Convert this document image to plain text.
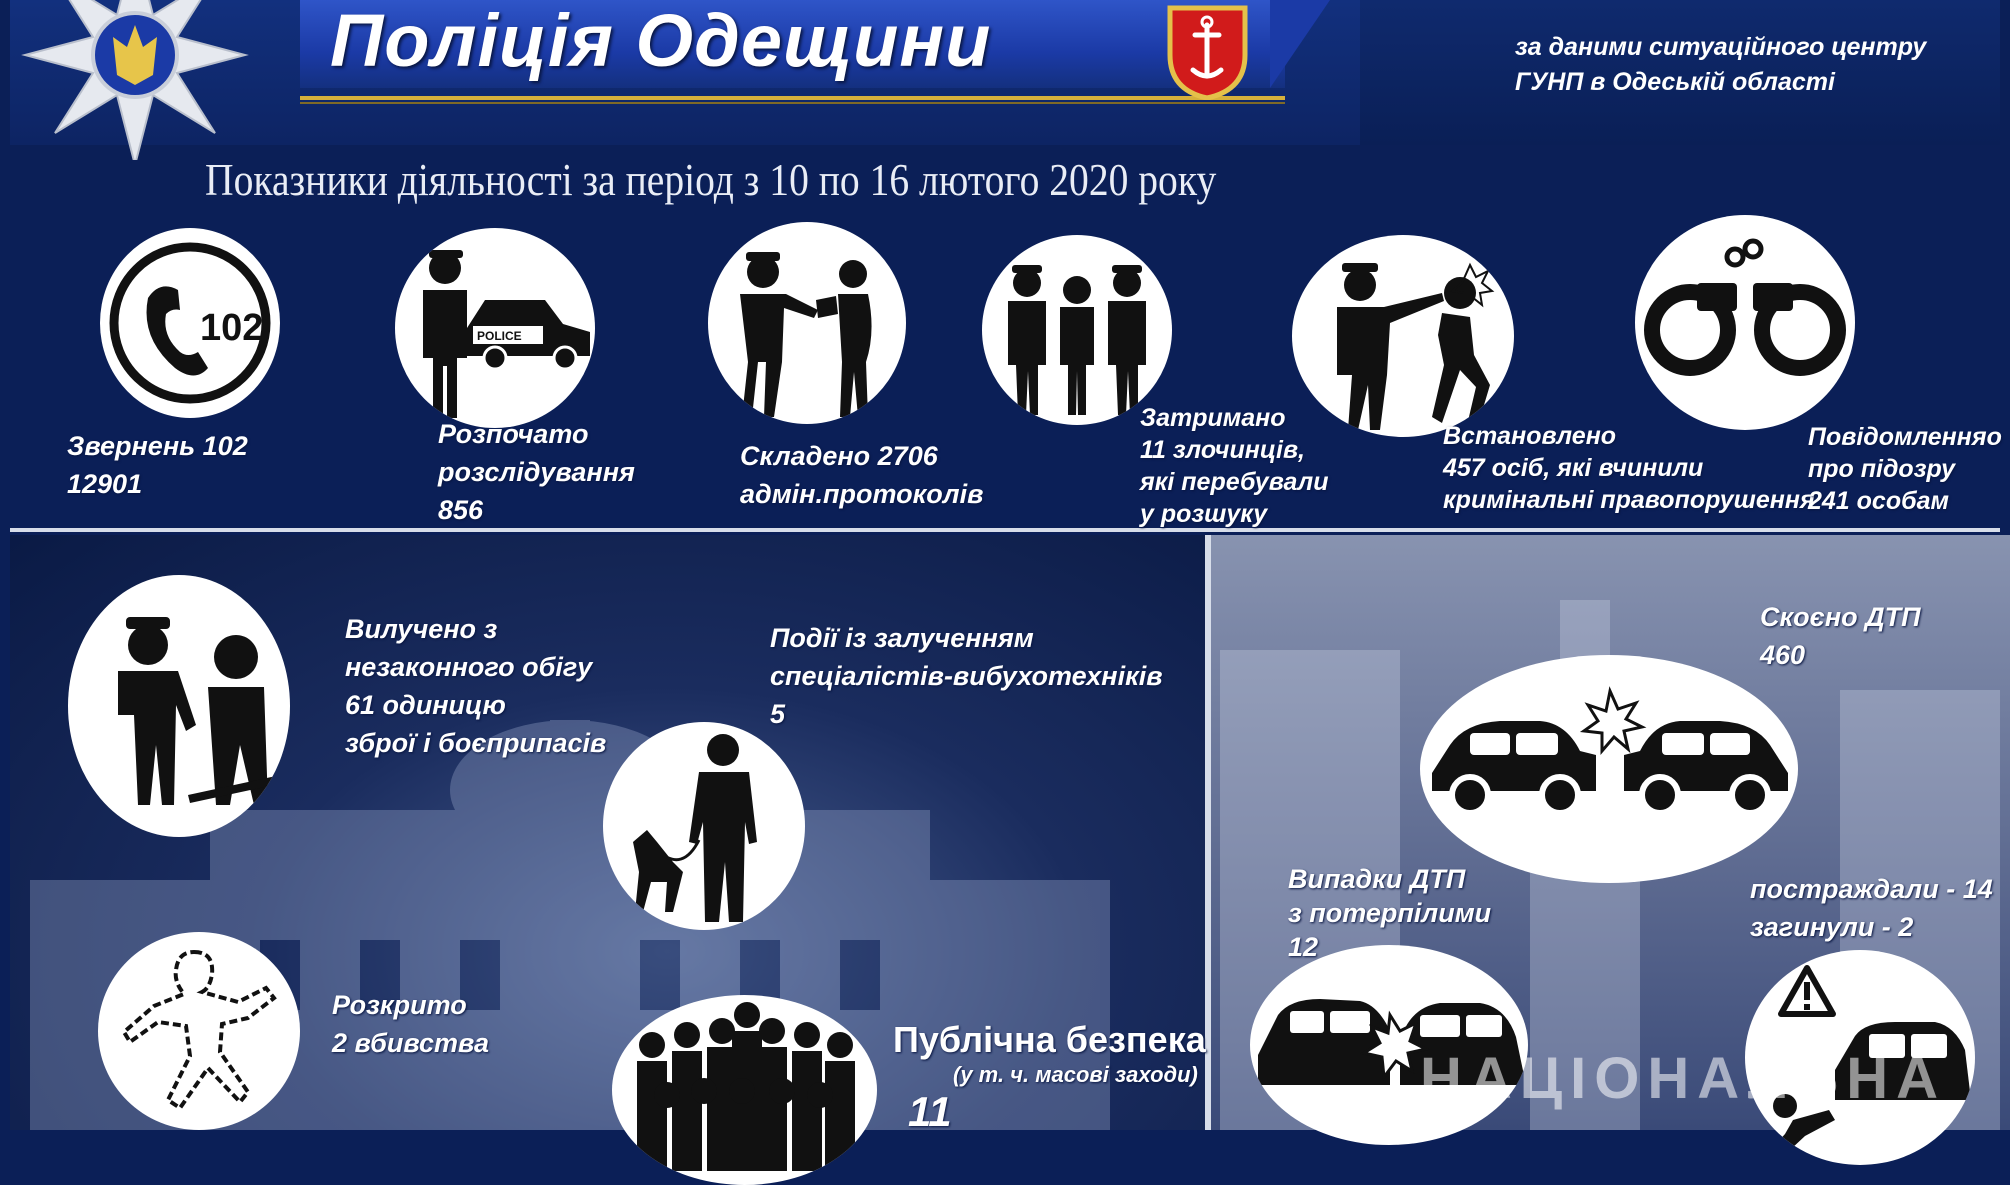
Поліція Одещини
Показники діяльності за період з 10 по 16 лютого 2020 року
за даними ситуаційного центру
ГУНП в Одеській області
102
Звернень 102
12901
POLICE
Розпочато
розслідування
856
Складено 2706
адмін.протоколів
Затримано
11 злочинців,
які перебували
у розшуку
Встановлено
457 осіб, які вчинили
кримінальні правопорушення
Повідомленняо
про підозру
241 особам
Вилучено з
незаконного обігу
61 одиницю
зброї і боєприпасів
Події із залученням
спеціалістів-вибухотехніків
5
Розкрито
2 вбивства	Публічна безпека
(у т. ч. масові заходи)
11
Скоєно ДТП
460
Випадки ДТП
з потерпілими
12
постраждали - 14
загинули - 2
НАЦІОНАЛЬНА
